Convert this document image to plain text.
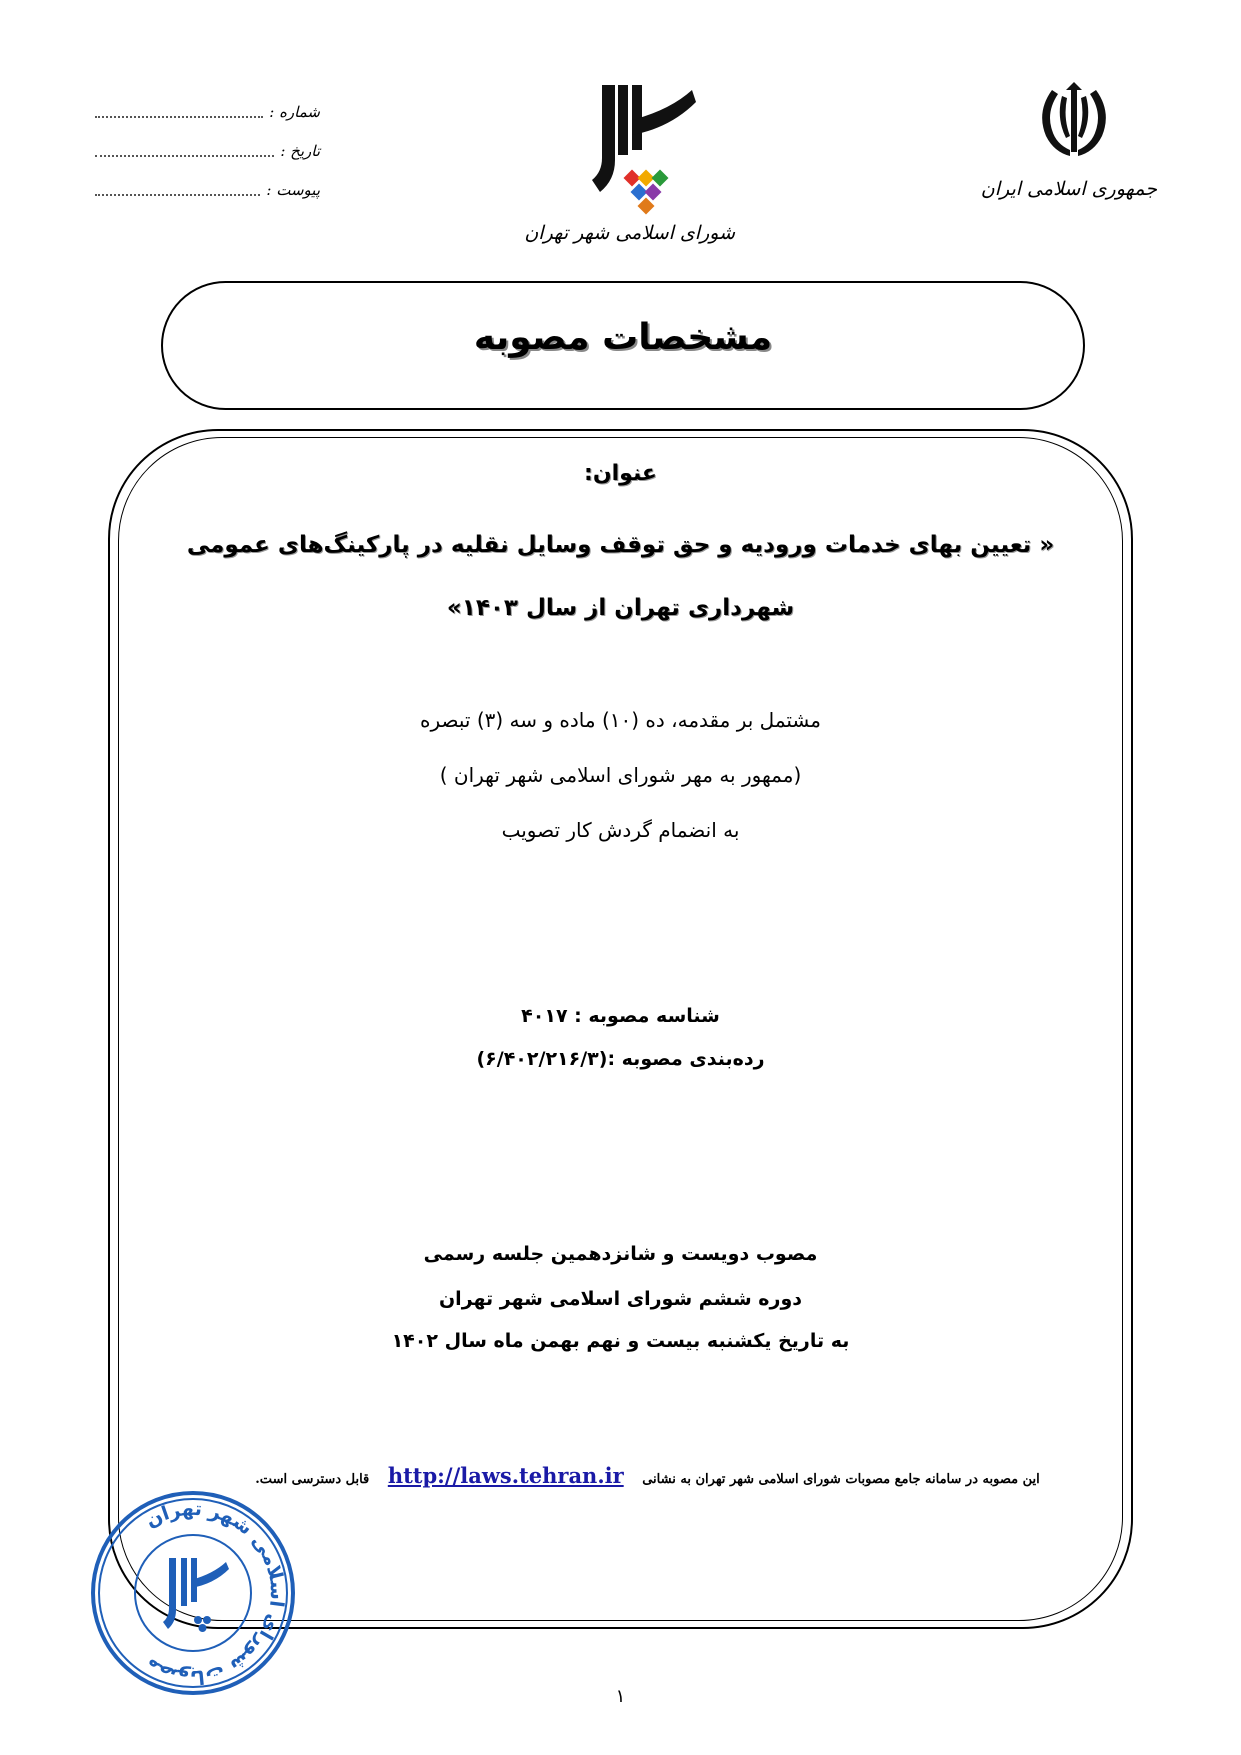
شماره :
تاریخ :
پیوست :
شورای اسلامی شهر تهران
جمهوری اسلامی ایران
مشخصات مصوبه
عنوان:
« تعیین بهای خدمات ورودیه و حق توقف وسایل نقلیه در پارکینگ‌های عمومی
شهرداری تهران از سال ۱۴۰۳»
مشتمل بر مقدمه، ده (۱۰) ماده و سه (۳) تبصره
(ممهور به مهر شورای اسلامی شهر تهران )
به انضمام گردش کار تصویب
شناسه مصوبه : ۴۰۱۷
رده‌بندی مصوبه :(۶/۴۰۲/۲۱۶/۳)
مصوب دویست و شانزدهمین جلسه رسمی
دوره ششم شورای اسلامی شهر تهران
به تاریخ یکشنبه بیست و نهم بهمن ماه سال ۱۴۰۲
این مصوبه در سامانه جامع مصوبات شورای اسلامی شهر تهران به نشانی http://laws.tehran.ir قابل دسترسی است.
مصوبات شورای اسلامی شهر تهران
۱
